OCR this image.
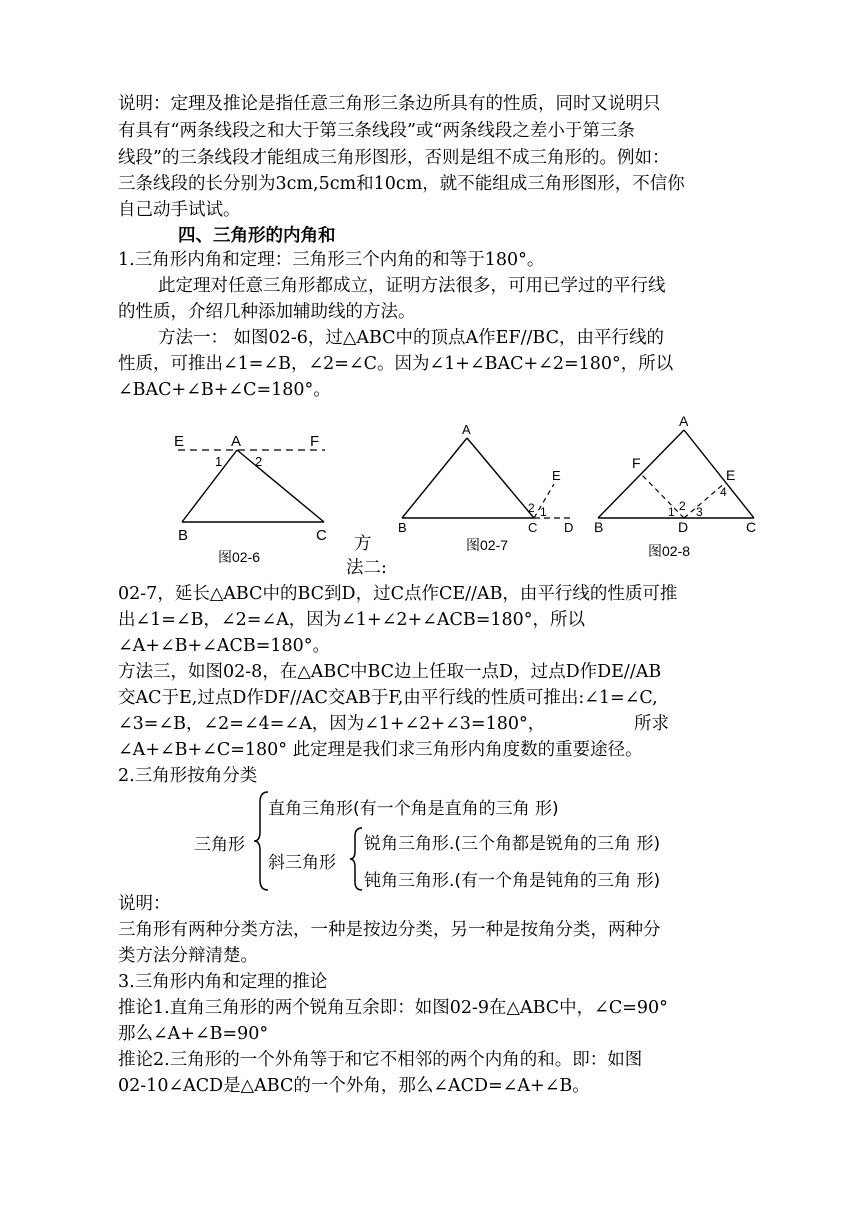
说明：定理及推论是指任意三角形三条边所具有的性质，同时又说明只
有具有“两条线段之和大于第三条线段”或“两条线段之差小于第三条
线段”的三条线段才能组成三角形图形，否则是组不成三角形的。例如：
三条线段的长分别为3cm,5cm和10cm，就不能组成三角形图形，不信你
自己动手试试。
四、三角形的内角和
1.三角形内角和定理：三角形三个内角的和等于180°。
此定理对任意三角形都成立，证明方法很多，可用已学过的平行线
的性质，介绍几种添加辅助线的方法。
方法一： 如图02-6，过△ABC中的顶点A作EF//BC，由平行线的
性质，可推出∠1=∠B，∠2=∠C。因为∠1+∠BAC+∠2=180°，所以
∠BAC+∠B+∠C=180°。
E	A	F
1	2
B	C
图02-6
方
法二:
A
E
2 1
B	C D
图02-7
A
F
E
4
2
1 3
B	D	C
图02-8
02-7，延长△ABC中的BC到D，过C点作CE//AB，由平行线的性质可推
出∠1=∠B，∠2=∠A，因为∠1+∠2+∠ACB=180°，所以
∠A+∠B+∠ACB=180°。
方法三，如图02-8，在△ABC中BC边上任取一点D，过点D作DE//AB
交AC于E,过点D作DF//AC交AB于F,由平行线的性质可推出:∠1=∠C,
∠3=∠B，∠2=∠4=∠A，因为∠1+∠2+∠3=180°，	所求
∠A+∠B+∠C=180° 此定理是我们求三角形内角度数的重要途径。
2.三角形按角分类
三角形
直角三角形(有一个角是直角的三角 形)
斜三角形
锐角三角形.(三个角都是锐角的三角 形)
钝角三角形.(有一个角是钝角的三角 形)
说明：
三角形有两种分类方法，一种是按边分类，另一种是按角分类，两种分
类方法分辩清楚。
3.三角形内角和定理的推论
推论1.直角三角形的两个锐角互余即：如图02-9在△ABC中，∠C=90°
那么∠A+∠B=90°
推论2.三角形的一个外角等于和它不相邻的两个内角的和。即：如图
02-10∠ACD是△ABC的一个外角，那么∠ACD=∠A+∠B。
